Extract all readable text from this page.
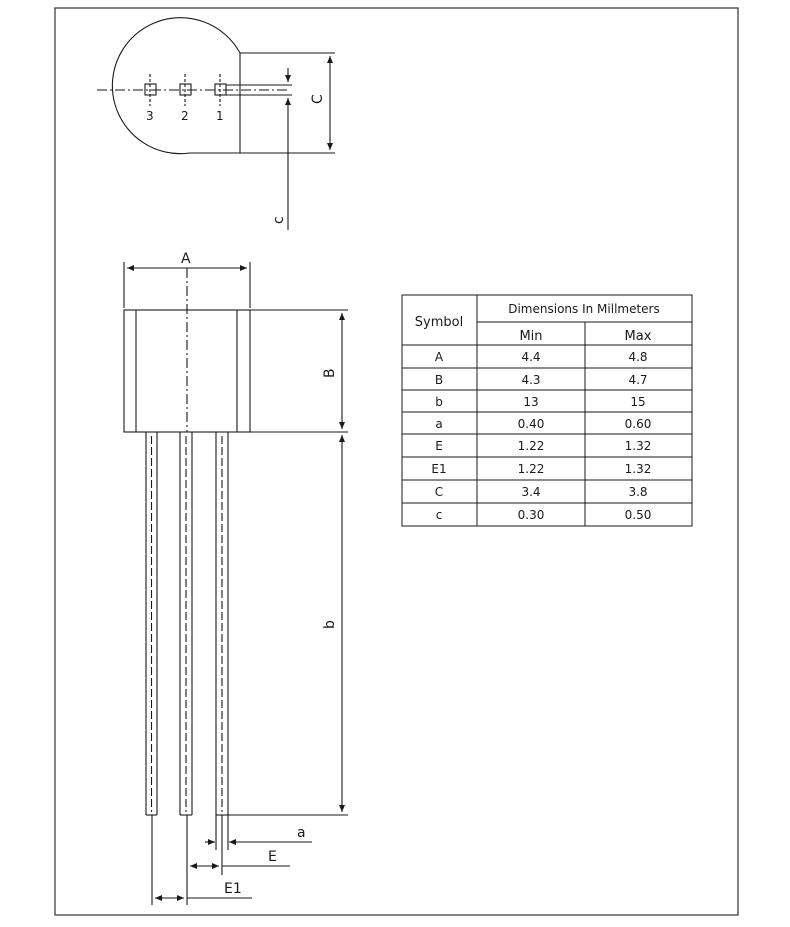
3 2 1
C
c
A
B
b
a
E
E1
Symbol
Dimensions In Millmeters
Min	Max
A	4.4	4.8
B	4.3	4.7
b	13	15
a	0.40	0.60
E	1.22	1.32
E1	1.22	1.32
C	3.4	3.8
c	0.30	0.50
